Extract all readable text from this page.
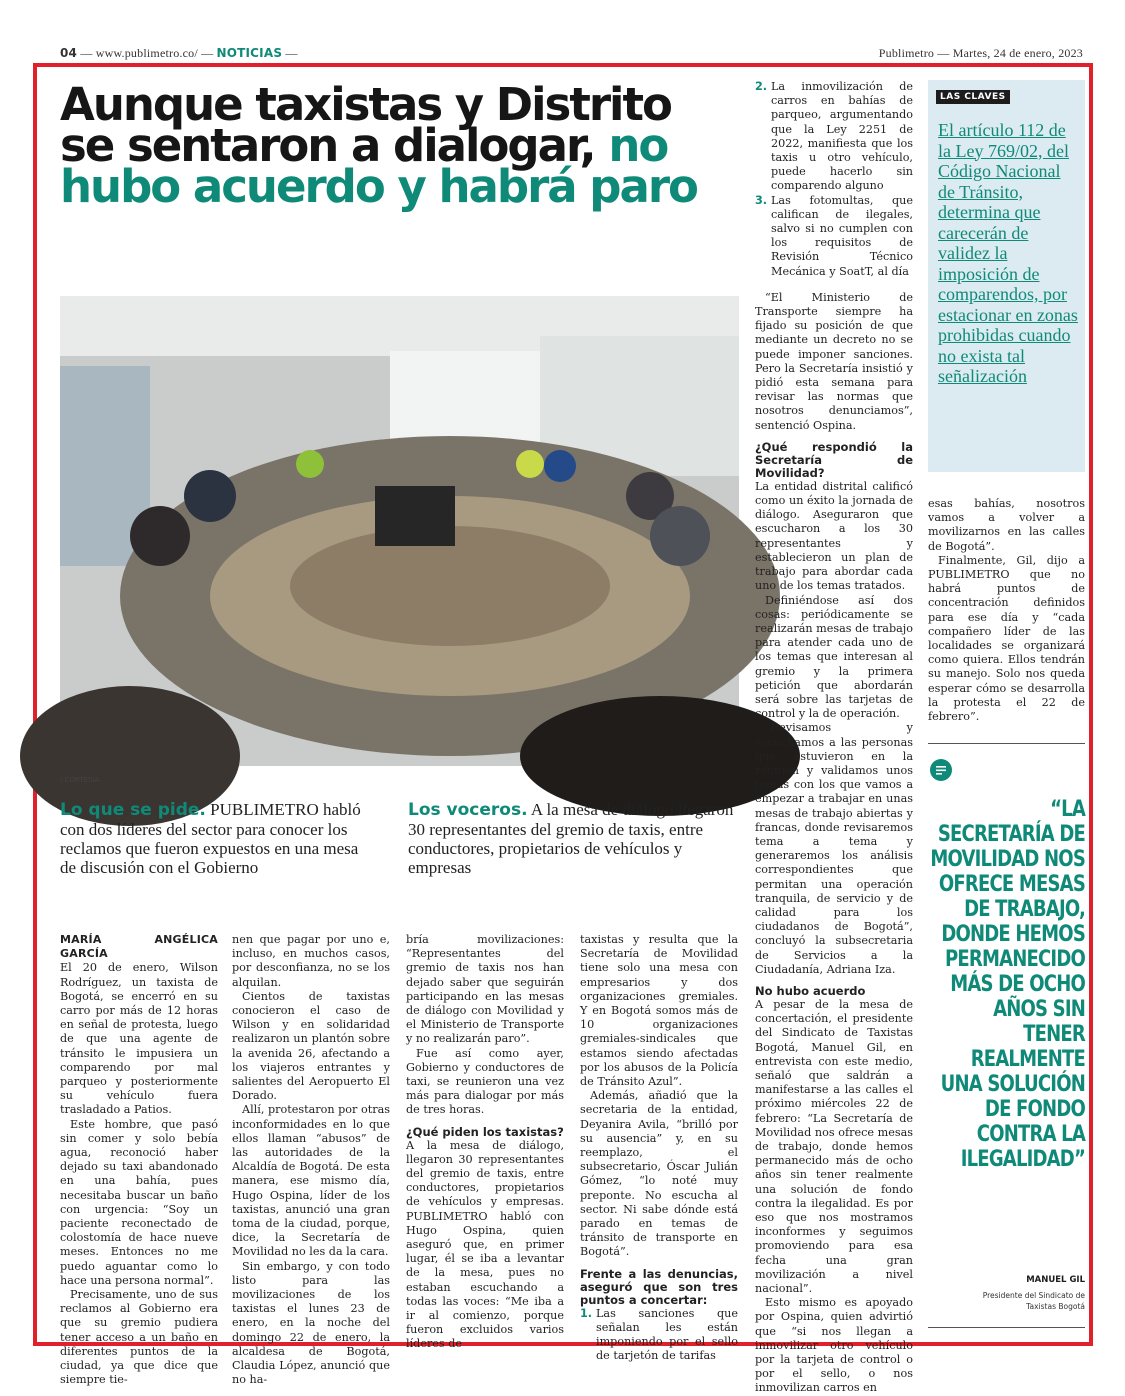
04 — www.publimetro.co/ — NOTICIAS —	Publimetro — Martes, 24 de enero, 2023
Aunque taxistas y Distrito se sentaron a dialogar, no hubo acuerdo y habrá paro
/ CORTESÍA
Lo que se pide. PUBLIMETRO habló con dos líderes del sector para conocer los reclamos que fueron expuestos en una mesa de discusión con el Gobierno
Los voceros. A la mesa de diálogo llegaron 30 representantes del gremio de taxis, entre conductores, propietarios de vehículos y empresas
MARÍA ANGÉLICA GARCÍA

El 20 de enero, Wilson Rodríguez, un taxista de Bogotá, se encerró en su carro por más de 12 horas en señal de protesta, luego de que una agente de tránsito le impusiera un comparendo por mal parqueo y posteriormente su vehículo fuera trasladado a Patios.

Este hombre, que pasó sin comer y solo bebía agua, reconoció haber dejado su taxi abandonado en una bahía, pues necesitaba buscar un baño con urgencia: “Soy un paciente reconectado de colostomía de hace nueve meses. Entonces no me puedo aguantar como lo hace una persona normal”.

Precisamente, uno de sus reclamos al Gobierno era que su gremio pudiera tener acceso a un baño en diferentes puntos de la ciudad, ya que dice que siempre tie-

nen que pagar por uno e, incluso, en muchos casos, por desconfianza, no se los alquilan.

Cientos de taxistas conocieron el caso de Wilson y en solidaridad realizaron un plantón sobre la avenida 26, afectando a los viajeros entrantes y salientes del Aeropuerto El Dorado.

Allí, protestaron por otras inconformidades en lo que ellos llaman “abusos” de las autoridades de la Alcaldía de Bogotá. De esta manera, ese mismo día, Hugo Ospina, líder de los taxistas, anunció una gran toma de la ciudad, porque, dice, la Secretaría de Movilidad no les da la cara.

Sin embargo, y con todo listo para las movilizaciones de los taxistas el lunes 23 de enero, en la noche del domingo 22 de enero, la alcaldesa de Bogotá, Claudia López, anunció que no ha-

bría movilizaciones: “Representantes del gremio de taxis nos han dejado saber que seguirán participando en las mesas de diálogo con Movilidad y el Ministerio de Transporte y no realizarán paro”.

Fue así como ayer, Gobierno y conductores de taxi, se reunieron una vez más para dialogar por más de tres horas.

¿Qué piden los taxistas?

A la mesa de diálogo, llegaron 30 representantes del gremio de taxis, entre conductores, propietarios de vehículos y empresas. PUBLIMETRO habló con Hugo Ospina, quien aseguró que, en primer lugar, él se iba a levantar de la mesa, pues no estaban escuchando a todas las voces: “Me iba a ir al comienzo, porque fueron excluidos varios líderes de

taxistas y resulta que la Secretaría de Movilidad tiene solo una mesa con empresarios y dos organizaciones gremiales. Y en Bogotá somos más de 10 organizaciones gremiales-sindicales que estamos siendo afectadas por los abusos de la Policía de Tránsito Azul”.

Además, añadió que la secretaria de la entidad, Deyanira Avila, “brilló por su ausencia” y, en su reemplazo, el subsecretario, Óscar Julián Gómez, “lo noté muy preponte. No escucha al sector. Ni sabe dónde está parado en temas de tránsito de transporte en Bogotá”.

Frente a las denuncias, aseguró que son tres puntos a concertar:
1. Las sanciones que señalan les están imponiendo por el sello de tarjetón de tarifas
2. La inmovilización de carros en bahías de parqueo, argumentando que la Ley 2251 de 2022, manifiesta que los taxis u otro vehículo, puede hacerlo sin comparendo alguno
3. Las fotomultas, que califican de ilegales, salvo si no cumplen con los requisitos de Revisión Técnico Mecánica y SoatT, al día

“El Ministerio de Transporte siempre ha fijado su posición de que mediante un decreto no se puede imponer sanciones. Pero la Secretaría insistió y pidió esta semana para revisar las normas que nosotros denunciamos”, sentenció Ospina.

¿Qué respondió la Secretaría de Movilidad?

La entidad distrital calificó como un éxito la jornada de diálogo. Aseguraron que escucharon a los 30 representantes y establecieron un plan de trabajo para abordar cada uno de los temas tratados.

Definiéndose así dos cosas: periódicamente se realizarán mesas de trabajo para atender cada uno de los temas que interesan al gremio y la primera petición que abordarán será sobre las tarjetas de control y la de operación.

“Revisamos y escuchamos a las personas que estuvieron en la reunión y validamos unos temas con los que vamos a empezar a trabajar en unas mesas de trabajo abiertas y francas, donde revisaremos tema a tema y generaremos los análisis correspondientes que permitan una operación tranquila, de servicio y de calidad para los ciudadanos de Bogotá”, concluyó la subsecretaria de Servicios a la Ciudadanía, Adriana Iza.

No hubo acuerdo

A pesar de la mesa de concertación, el presidente del Sindicato de Taxistas Bogotá, Manuel Gil, en entrevista con este medio, señaló que saldrán a manifestarse a las calles el próximo miércoles 22 de febrero: “La Secretaría de Movilidad nos ofrece mesas de trabajo, donde hemos permanecido más de ocho años sin tener realmente una solución de fondo contra la ilegalidad. Es por eso que nos mostramos inconformes y seguimos promoviendo para esa fecha una gran movilización a nivel nacional”.

Esto mismo es apoyado por Ospina, quien advirtió que “si nos llegan a inmovilizar otro vehículo por la tarjeta de control o por el sello, o nos inmovilizan carros en

LAS CLAVES
El artículo 112 de la Ley 769/02, del Código Nacional de Tránsito, determina que carecerán de validez la imposición de comparendos, por estacionar en zonas prohibidas cuando no exista tal señalización

esas bahías, nosotros vamos a volver a movilizarnos en las calles de Bogotá”.

Finalmente, Gil, dijo a PUBLIMETRO que no habrá puntos de concentración definidos para ese día y “cada compañero líder de las localidades se organizará como quiera. Ellos tendrán su manejo. Solo nos queda esperar cómo se desarrolla la protesta el 22 de febrero”.

“LA SECRETARÍA DE MOVILIDAD NOS OFRECE MESAS DE TRABAJO, DONDE HEMOS PERMANECIDO MÁS DE OCHO AÑOS SIN TENER REALMENTE UNA SOLUCIÓN DE FONDO CONTRA LA ILEGALIDAD”
MANUEL GIL
Presidente del Sindicato de Taxistas Bogotá
